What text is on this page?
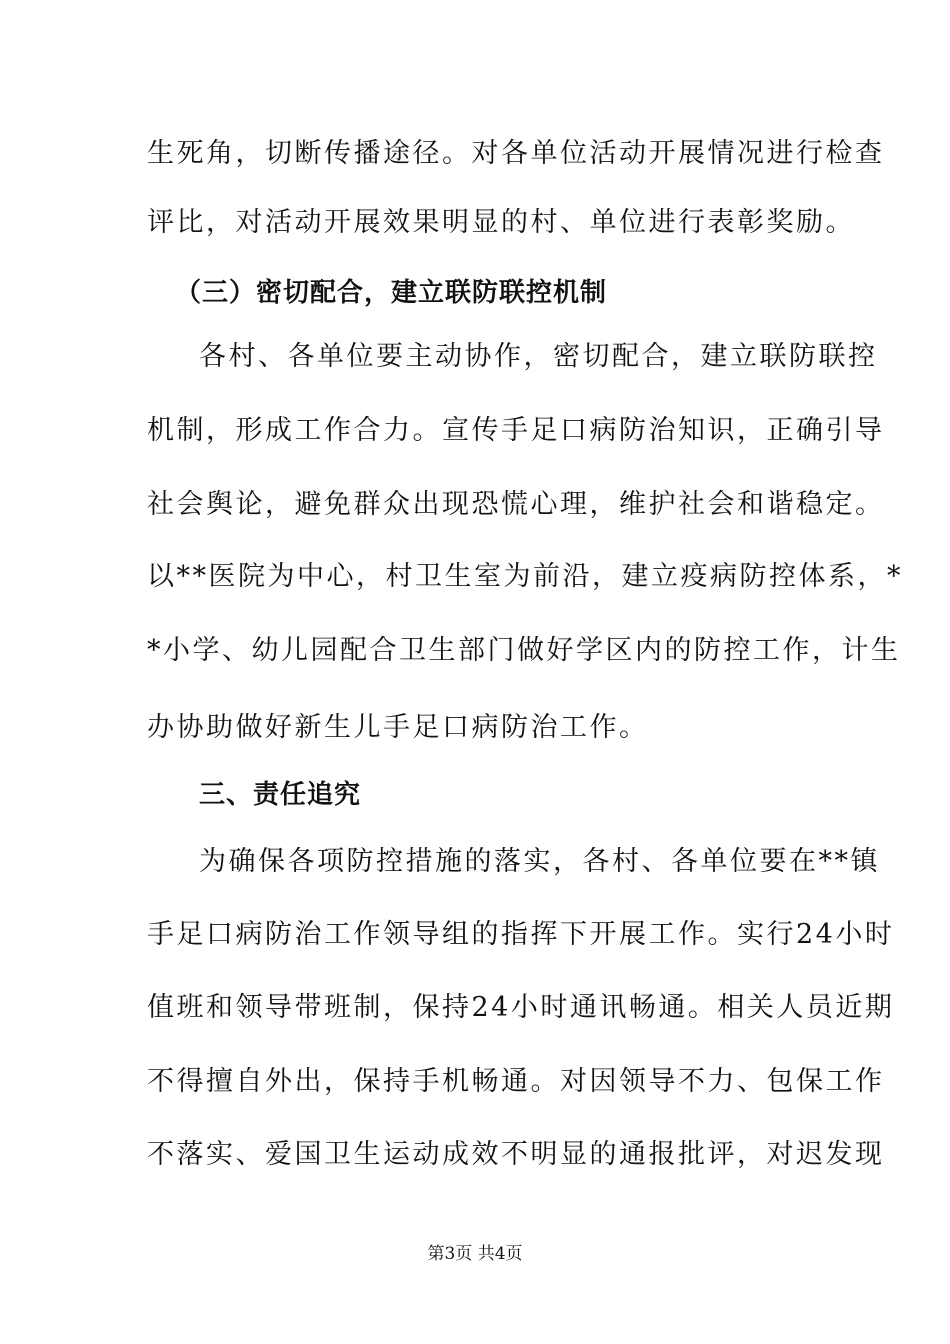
生死角，切断传播途径。对各单位活动开展情况进行检查
评比，对活动开展效果明显的村、单位进行表彰奖励。
（三）密切配合，建立联防联控机制
各村、各单位要主动协作，密切配合，建立联防联控
机制，形成工作合力。宣传手足口病防治知识，正确引导
社会舆论，避免群众出现恐慌心理，维护社会和谐稳定。
以**医院为中心，村卫生室为前沿，建立疫病防控体系，*
*小学、幼儿园配合卫生部门做好学区内的防控工作，计生
办协助做好新生儿手足口病防治工作。
三、责任追究
为确保各项防控措施的落实，各村、各单位要在**镇
手足口病防治工作领导组的指挥下开展工作。实行24小时
值班和领导带班制，保持24小时通讯畅通。相关人员近期
不得擅自外出，保持手机畅通。对因领导不力、包保工作
不落实、爱国卫生运动成效不明显的通报批评，对迟发现
第3页 共4页
